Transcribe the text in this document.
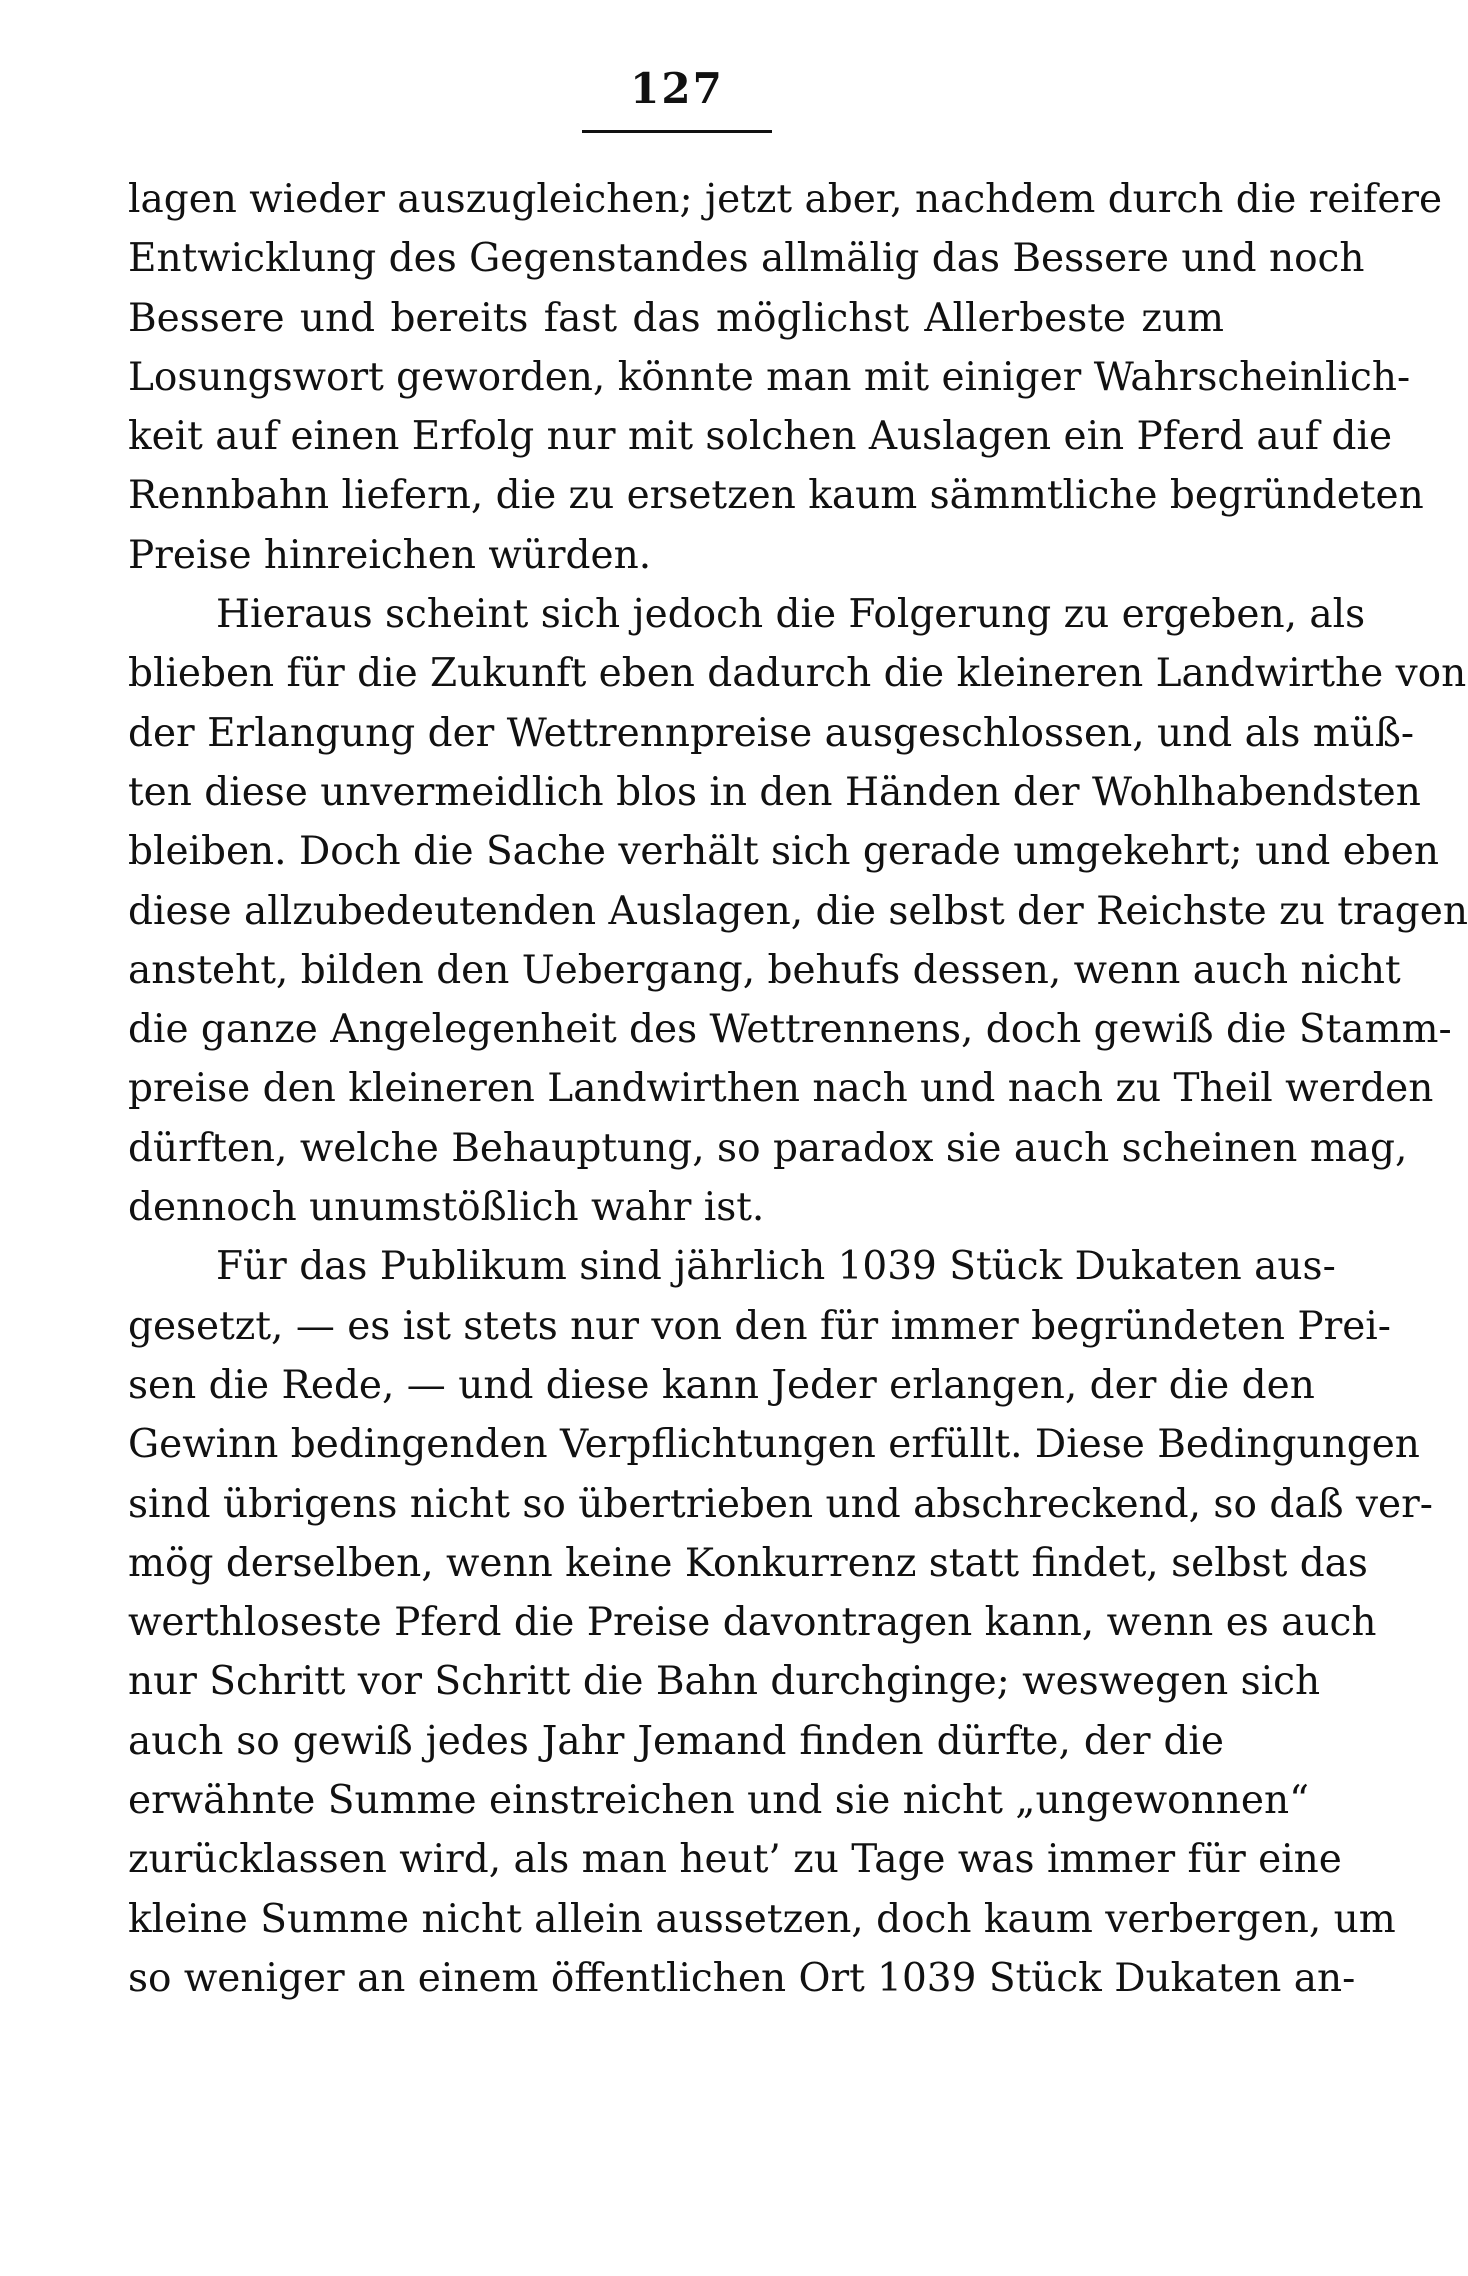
127
lagen wieder auszugleichen; jetzt aber, nachdem durch die reifere
Entwicklung des Gegenstandes allmälig das Bessere und noch
Bessere und bereits fast das möglichst Allerbeste zum
Losungswort geworden, könnte man mit einiger Wahrscheinlich-
keit auf einen Erfolg nur mit solchen Auslagen ein Pferd auf die
Rennbahn liefern, die zu ersetzen kaum sämmtliche begründeten
Preise hinreichen würden.
Hieraus scheint sich jedoch die Folgerung zu ergeben, als
blieben für die Zukunft eben dadurch die kleineren Landwirthe von
der Erlangung der Wettrennpreise ausgeschlossen, und als müß-
ten diese unvermeidlich blos in den Händen der Wohlhabendsten
bleiben. Doch die Sache verhält sich gerade umgekehrt; und eben
diese allzubedeutenden Auslagen, die selbst der Reichste zu tragen
ansteht, bilden den Uebergang, behufs dessen, wenn auch nicht
die ganze Angelegenheit des Wettrennens, doch gewiß die Stamm-
preise den kleineren Landwirthen nach und nach zu Theil werden
dürften, welche Behauptung, so paradox sie auch scheinen mag,
dennoch unumstößlich wahr ist.
Für das Publikum sind jährlich 1039 Stück Dukaten aus-
gesetzt, — es ist stets nur von den für immer begründeten Prei-
sen die Rede, — und diese kann Jeder erlangen, der die den
Gewinn bedingenden Verpflichtungen erfüllt. Diese Bedingungen
sind übrigens nicht so übertrieben und abschreckend, so daß ver-
mög derselben, wenn keine Konkurrenz statt findet, selbst das
werthloseste Pferd die Preise davontragen kann, wenn es auch
nur Schritt vor Schritt die Bahn durchginge; weswegen sich
auch so gewiß jedes Jahr Jemand finden dürfte, der die
erwähnte Summe einstreichen und sie nicht „ungewonnen“
zurücklassen wird, als man heut’ zu Tage was immer für eine
kleine Summe nicht allein aussetzen, doch kaum verbergen, um
so weniger an einem öffentlichen Ort 1039 Stück Dukaten an-
